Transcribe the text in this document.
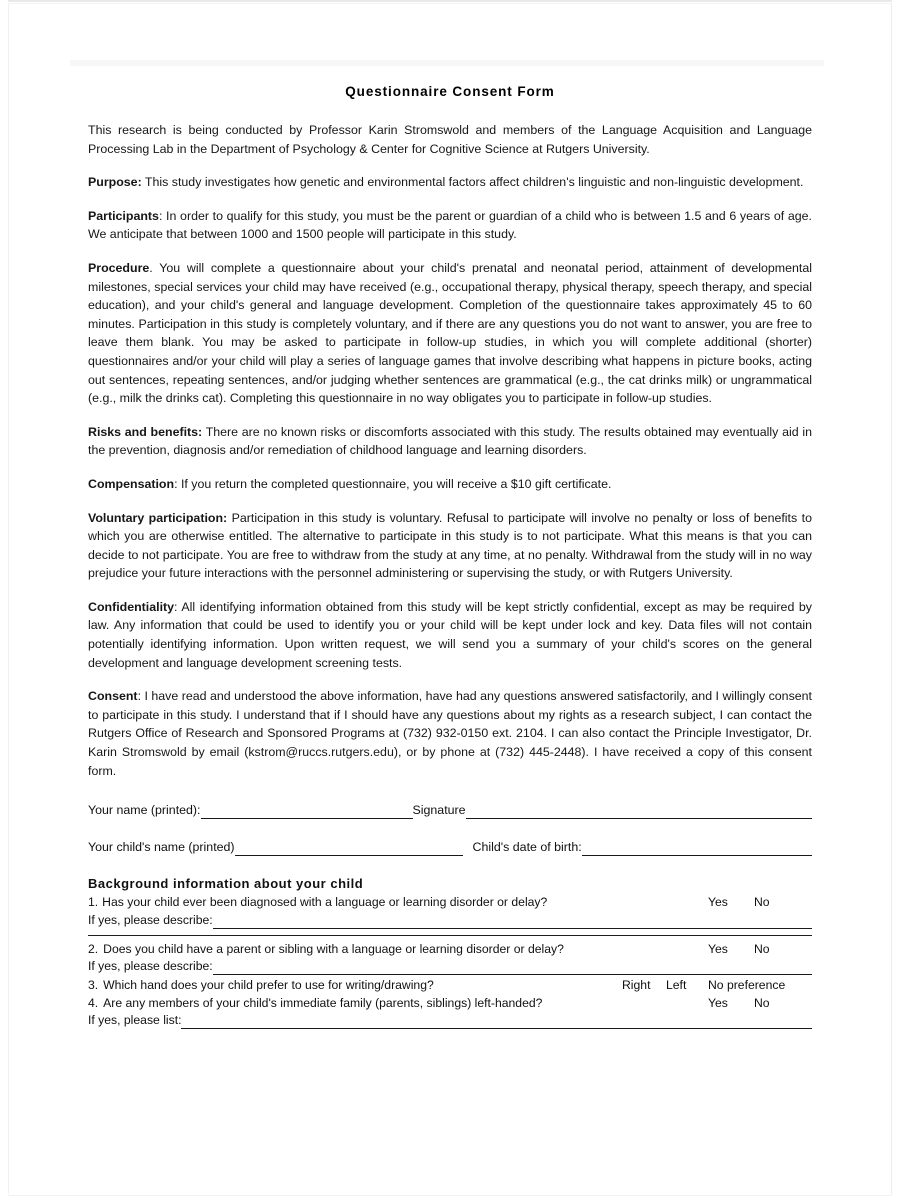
Questionnaire Consent Form

This research is being conducted by Professor Karin Stromswold and members of the Language Acquisition and Language Processing Lab in the Department of Psychology & Center for Cognitive Science at Rutgers University.

Purpose: This study investigates how genetic and environmental factors affect children's linguistic and non-linguistic development.

Participants: In order to qualify for this study, you must be the parent or guardian of a child who is between 1.5 and 6 years of age. We anticipate that between 1000 and 1500 people will participate in this study.

Procedure. You will complete a questionnaire about your child's prenatal and neonatal period, attainment of developmental milestones, special services your child may have received (e.g., occupational therapy, physical therapy, speech therapy, and special education), and your child's general and language development. Completion of the questionnaire takes approximately 45 to 60 minutes. Participation in this study is completely voluntary, and if there are any questions you do not want to answer, you are free to leave them blank. You may be asked to participate in follow-up studies, in which you will complete additional (shorter) questionnaires and/or your child will play a series of language games that involve describing what happens in picture books, acting out sentences, repeating sentences, and/or judging whether sentences are grammatical (e.g., the cat drinks milk) or ungrammatical (e.g., milk the drinks cat). Completing this questionnaire in no way obligates you to participate in follow-up studies.

Risks and benefits: There are no known risks or discomforts associated with this study. The results obtained may eventually aid in the prevention, diagnosis and/or remediation of childhood language and learning disorders.

Compensation: If you return the completed questionnaire, you will receive a $10 gift certificate.

Voluntary participation: Participation in this study is voluntary. Refusal to participate will involve no penalty or loss of benefits to which you are otherwise entitled. The alternative to participate in this study is to not participate. What this means is that you can decide to not participate. You are free to withdraw from the study at any time, at no penalty. Withdrawal from the study will in no way prejudice your future interactions with the personnel administering or supervising the study, or with Rutgers University.

Confidentiality: All identifying information obtained from this study will be kept strictly confidential, except as may be required by law. Any information that could be used to identify you or your child will be kept under lock and key. Data files will not contain potentially identifying information. Upon written request, we will send you a summary of your child's scores on the general development and language development screening tests.

Consent: I have read and understood the above information, have had any questions answered satisfactorily, and I willingly consent to participate in this study. I understand that if I should have any questions about my rights as a research subject, I can contact the Rutgers Office of Research and Sponsored Programs at (732) 932-0150 ext. 2104. I can also contact the Principle Investigator, Dr. Karin Stromswold by email (kstrom@ruccs.rutgers.edu), or by phone at (732) 445-2448). I have received a copy of this consent form.

Your name (printed):	Signature
Your child's name (printed)	Child's date of birth:
Background information about your child
1. Has your child ever been diagnosed with a language or learning disorder or delay?	Yes	No
If yes, please describe:
2. Does you child have a parent or sibling with a language or learning disorder or delay?	Yes	No
If yes, please describe:
3. Which hand does your child prefer to use for writing/drawing?	Right	Left	No preference
4. Are any members of your child's immediate family (parents, siblings) left-handed?	Yes	No
If yes, please list:
